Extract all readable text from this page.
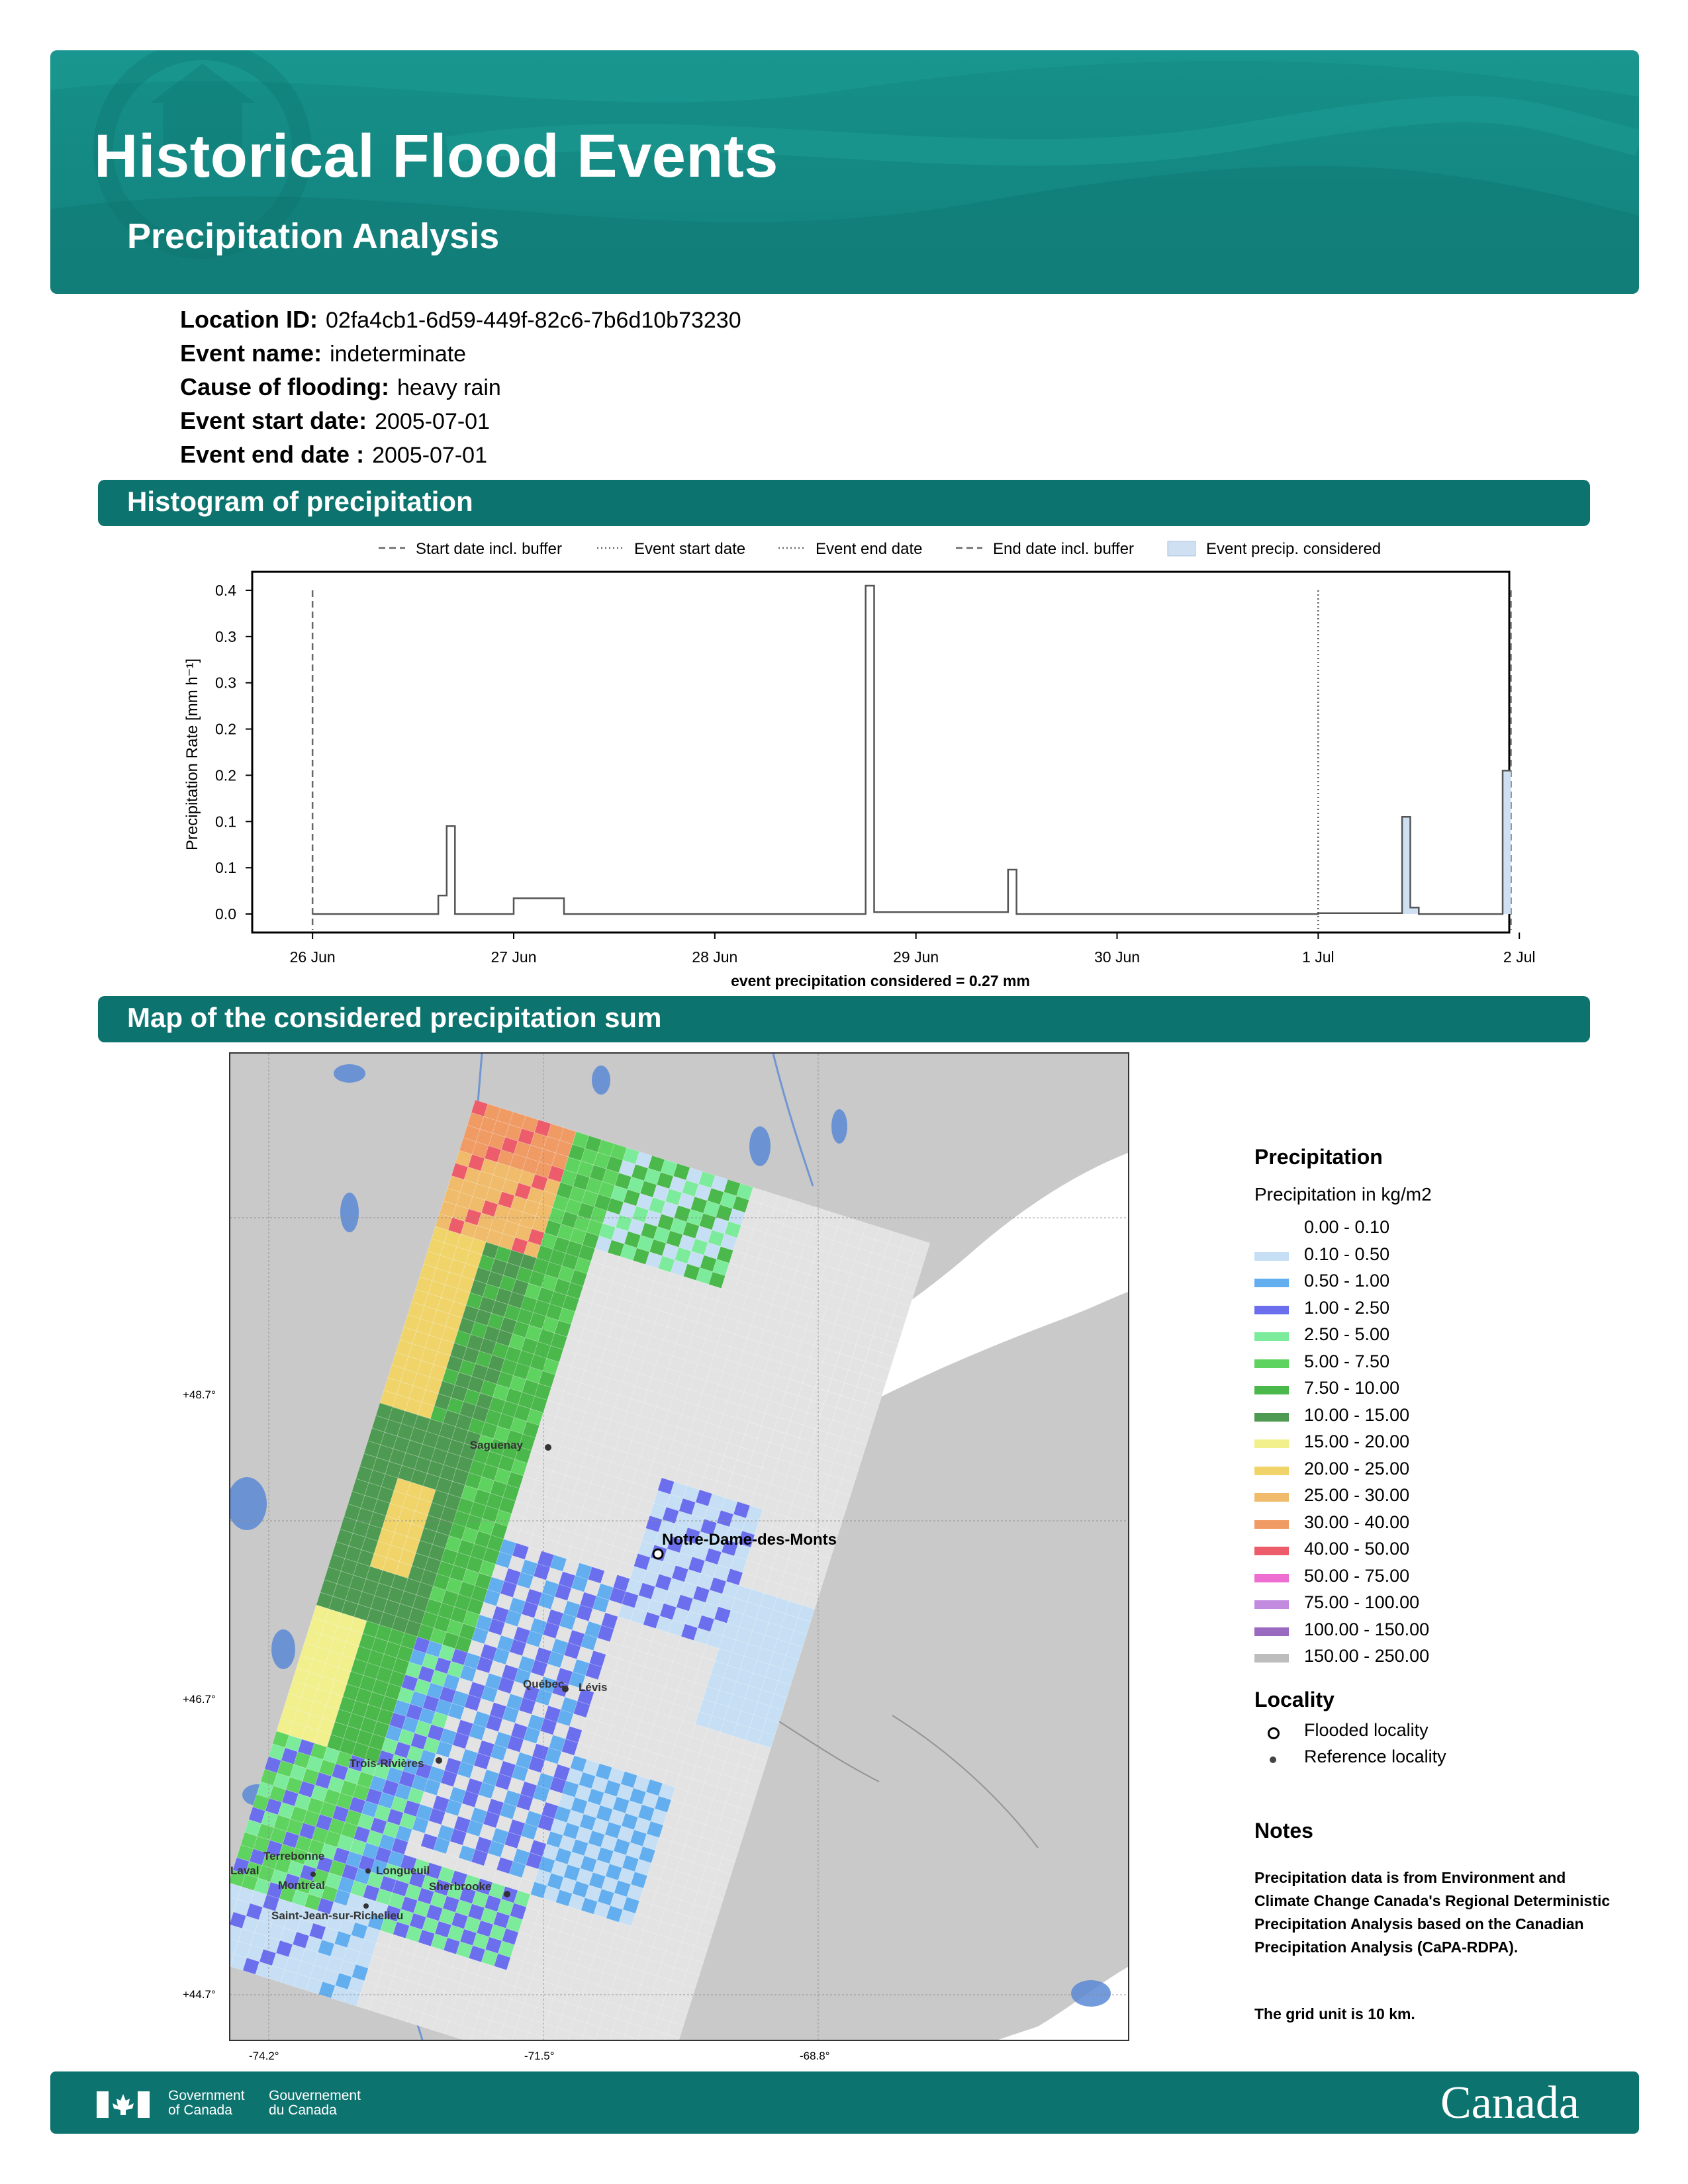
Historical Flood Events
Precipitation Analysis
Location ID: 02fa4cb1-6d59-449f-82c6-7b6d10b73230
Event name: indeterminate
Cause of flooding: heavy rain
Event start date: 2005-07-01
Event end date : 2005-07-01
Histogram of precipitation
Start date incl. buffer	Event start date	Event end date	End date incl. buffer	Event precip. considered
0.0
0.1
0.1
0.2
0.2
0.3
0.3
0.4
26 Jun	27 Jun	28 Jun	29 Jun	30 Jun	1 Jul	2 Jul
Precipitation Rate [mm h⁻¹]
event precipitation considered = 0.27 mm
Map of the considered precipitation sum
Saguenay
Québec Lévis
Trois-Rivières
Terrebonne
Laval
Montréal
Longueuil
Sherbrooke
Saint-Jean-sur-Richelieu
Notre-Dame-des-Monts
+48.7°
+46.7°
+44.7°
-74.2°	-71.5°	-68.8°
Precipitation
Precipitation in kg/m2
0.00 - 0.10
0.10 - 0.50
0.50 - 1.00
1.00 - 2.50
2.50 - 5.00
5.00 - 7.50
7.50 - 10.00
10.00 - 15.00
15.00 - 20.00
20.00 - 25.00
25.00 - 30.00
30.00 - 40.00
40.00 - 50.00
50.00 - 75.00
75.00 - 100.00
100.00 - 150.00
150.00 - 250.00
Locality
Flooded locality
Reference locality
Notes
Precipitation data is from Environment and Climate Change Canada's Regional Deterministic Precipitation Analysis based on the Canadian Precipitation Analysis (CaPA-RDPA).
The grid unit is 10 km.
Government
of Canada
Gouvernement
du Canada	Canada
